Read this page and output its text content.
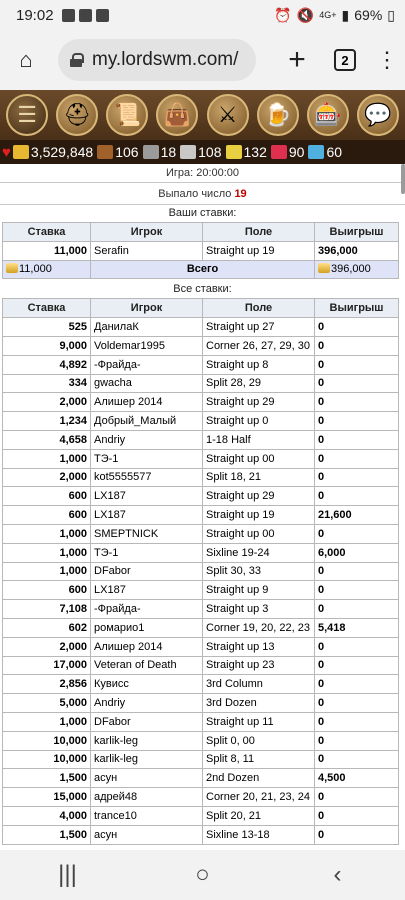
19:02	⏰ 🔇 4G+ ▮ 69% ▯
⌂	my.lordswm.com/ +	2	⋮
☰	⛑	📜	👜	⚔	🍺	🎰	💬
♥ 3,529,848 106 18 108 132 90 60
Игра: 20:00:00
Выпало число 19
Ваши ставки:
Ставка	Игрок	Поле	Выигрыш
11,000	Serafin	Straight up 19	396,000
11,000	Всего		396,000
Все ставки:
Ставка	Игрок	Поле	Выигрыш
525	ДанилаК	Straight up 27	0
9,000	Voldemar1995	Corner 26, 27, 29, 30	0
4,892	-Фрайда-	Straight up 8	0
334	gwacha	Split 28, 29	0
2,000	Алишер 2014	Straight up 29	0
1,234	Добрый_Малый	Straight up 0	0
4,658	Andriy	1-18 Half	0
1,000	ТЭ-1	Straight up 00	0
2,000	kot5555577	Split 18, 21	0
600	LX187	Straight up 29	0
600	LX187	Straight up 19	21,600
1,000	SMEPTNICK	Straight up 00	0
1,000	ТЭ-1	Sixline 19-24	6,000
1,000	DFabor	Split 30, 33	0
600	LX187	Straight up 9	0
7,108	-Фрайда-	Straight up 3	0
602	ромарио1	Corner 19, 20, 22, 23	5,418
2,000	Алишер 2014	Straight up 13	0
17,000	Veteran of Death	Straight up 23	0
2,856	Кувисс	3rd Column	0
5,000	Andriy	3rd Dozen	0
1,000	DFabor	Straight up 11	0
10,000	karlik-leg	Split 0, 00	0
10,000	karlik-leg	Split 8, 11	0
1,500	асун	2nd Dozen	4,500
15,000	адрей48	Corner 20, 21, 23, 24	0
4,000	trance10	Split 20, 21	0
1,500	асун	Sixline 13-18	0
|||	○	‹
